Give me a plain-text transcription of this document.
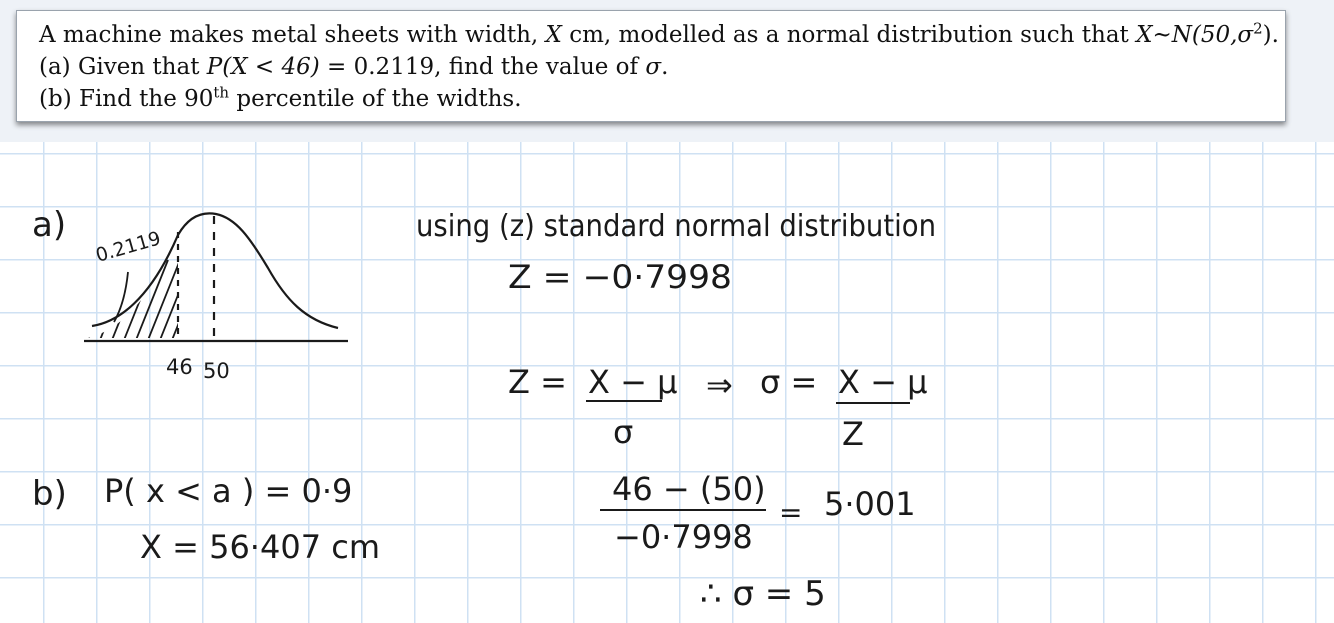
A machine makes metal sheets with width, X cm, modelled as a normal distribution such that $X\sim N(50,\sigma^2)$.
(a) Given that P(X < 46) = 0.2119, find the value of σ.
(b) Find the 90th percentile of the widths.
a)
0.2119
46 50
using (z) standard normal distribution
Z = −0·7998
Z = X − μ
σ
⇒ σ = X − μ
Z
46 − (50)
−0·7998
= 5·001
∴ σ = 5
b) P( x < a ) = 0·9
X = 56·407 cm
